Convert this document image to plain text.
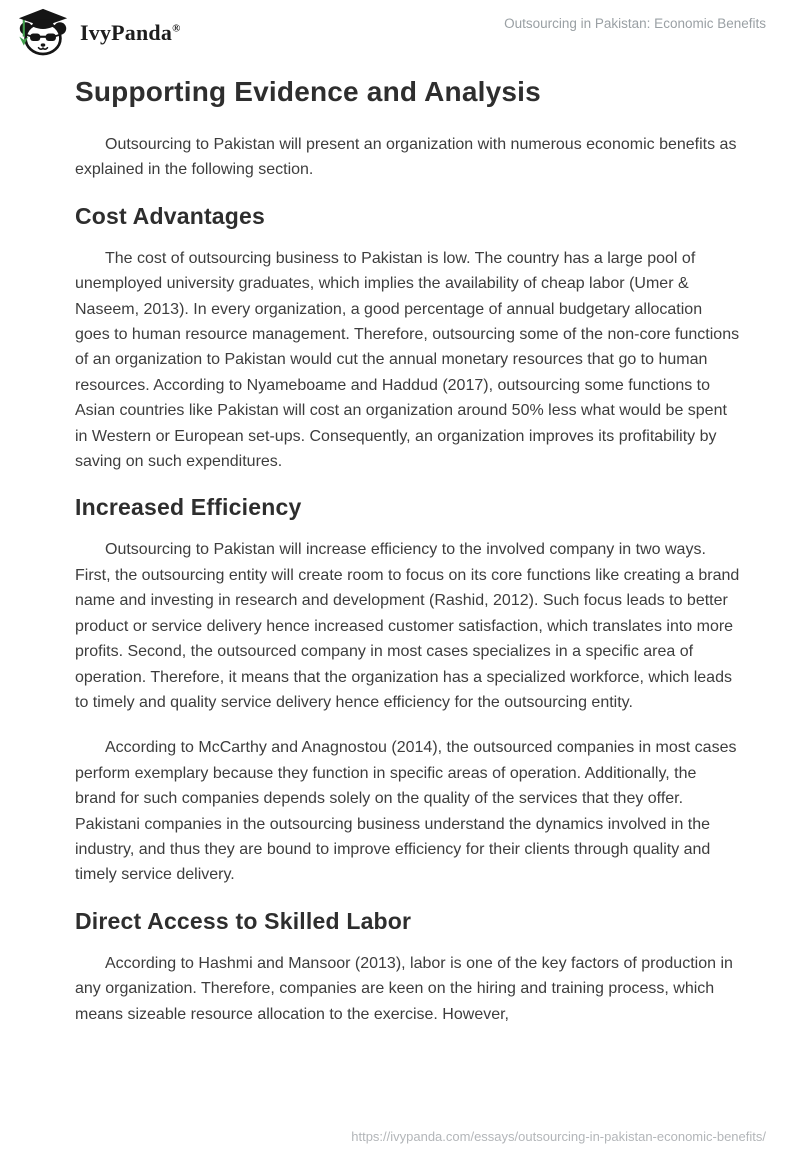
IvyPanda®	Outsourcing in Pakistan: Economic Benefits
Supporting Evidence and Analysis

Outsourcing to Pakistan will present an organization with numerous economic benefits as explained in the following section.

Cost Advantages

The cost of outsourcing business to Pakistan is low. The country has a large pool of unemployed university graduates, which implies the availability of cheap labor (Umer & Naseem, 2013). In every organization, a good percentage of annual budgetary allocation goes to human resource management. Therefore, outsourcing some of the non-core functions of an organization to Pakistan would cut the annual monetary resources that go to human resources. According to Nyameboame and Haddud (2017), outsourcing some functions to Asian countries like Pakistan will cost an organization around 50% less what would be spent in Western or European set-ups. Consequently, an organization improves its profitability by saving on such expenditures.

Increased Efficiency

Outsourcing to Pakistan will increase efficiency to the involved company in two ways. First, the outsourcing entity will create room to focus on its core functions like creating a brand name and investing in research and development (Rashid, 2012). Such focus leads to better product or service delivery hence increased customer satisfaction, which translates into more profits. Second, the outsourced company in most cases specializes in a specific area of operation. Therefore, it means that the organization has a specialized workforce, which leads to timely and quality service delivery hence efficiency for the outsourcing entity.

According to McCarthy and Anagnostou (2014), the outsourced companies in most cases perform exemplary because they function in specific areas of operation. Additionally, the brand for such companies depends solely on the quality of the services that they offer. Pakistani companies in the outsourcing business understand the dynamics involved in the industry, and thus they are bound to improve efficiency for their clients through quality and timely service delivery.

Direct Access to Skilled Labor

According to Hashmi and Mansoor (2013), labor is one of the key factors of production in any organization. Therefore, companies are keen on the hiring and training process, which means sizeable resource allocation to the exercise. However,

https://ivypanda.com/essays/outsourcing-in-pakistan-economic-benefits/
